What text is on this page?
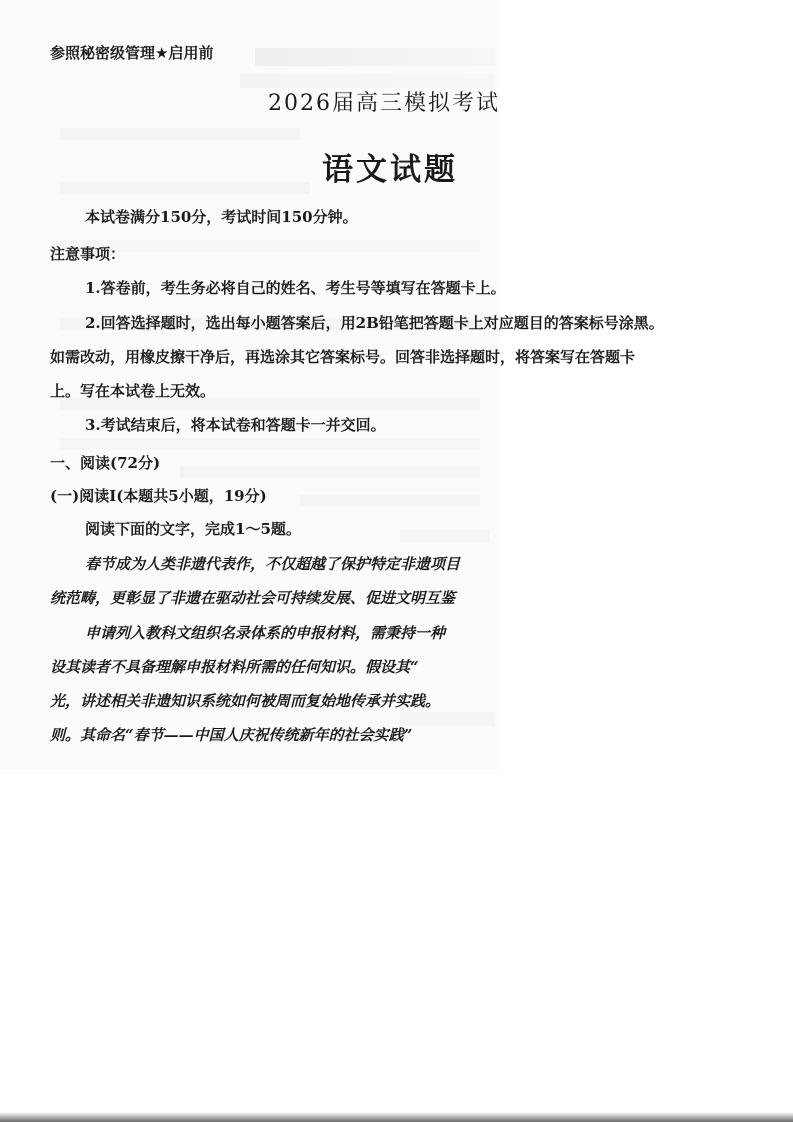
参照秘密级管理★启用前
2026届高三模拟考试
语文试题
本试卷满分150分，考试时间150分钟。
注意事项：
1.答卷前，考生务必将自己的姓名、考生号等填写在答题卡上。
2.回答选择题时，选出每小题答案后，用2B铅笔把答题卡上对应题目的答案标号涂黑。
如需改动，用橡皮擦干净后，再选涂其它答案标号。回答非选择题时，将答案写在答题卡
上。写在本试卷上无效。
3.考试结束后，将本试卷和答题卡一并交回。
一、阅读(72分)
(一)阅读Ⅰ(本题共5小题，19分)
阅读下面的文字，完成1～5题。
春节成为人类非遗代表作，不仅超越了保护特定非遗项目
统范畴，更彰显了非遗在驱动社会可持续发展、促进文明互鉴
申请列入教科文组织名录体系的申报材料，需秉持一种
设其读者不具备理解申报材料所需的任何知识。假设其“
光，讲述相关非遗知识系统如何被周而复始地传承并实践。
则。其命名“春节——中国人庆祝传统新年的社会实践”
